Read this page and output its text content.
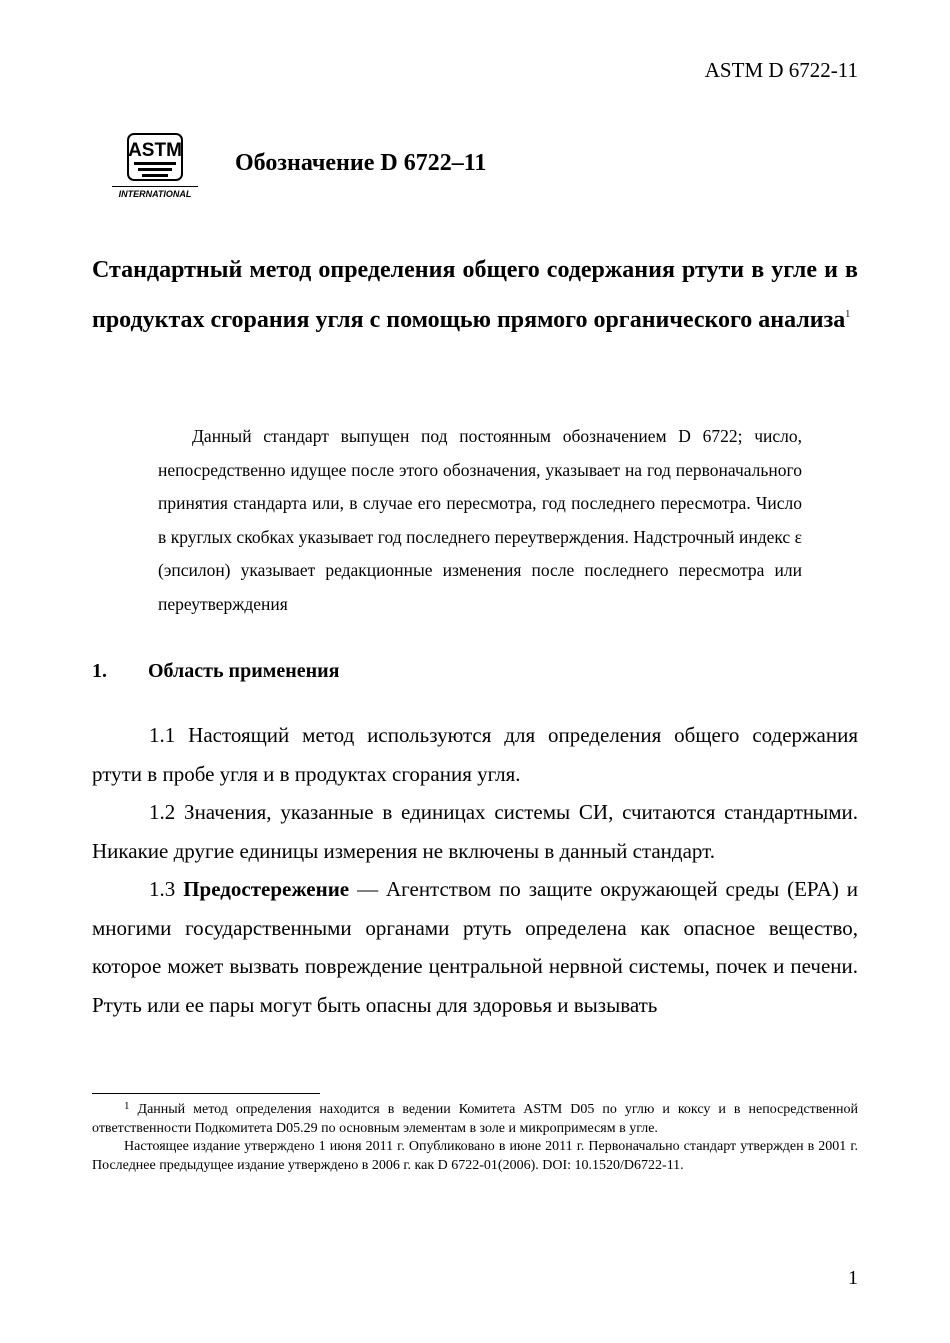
ASTM D 6722-11
ASTM
INTERNATIONAL
Обозначение D 6722–11
Стандартный метод определения общего содержания ртути в угле и в продуктах сгорания угля с помощью прямого органического анализа$^1$
Данный стандарт выпущен под постоянным обозначением D 6722; число, непосредственно идущее после этого обозначения, указывает на год первоначального принятия стандарта или, в случае его пересмотра, год последнего пересмотра. Число в круглых скобках указывает год последнего переутверждения. Надстрочный индекс ε (эпсилон) указывает редакционные изменения после последнего пересмотра или переутверждения
1. Область применения

1.1 Настоящий метод используются для определения общего содержания ртути в пробе угля и в продуктах сгорания угля.

1.2 Значения, указанные в единицах системы СИ, считаются стандартными. Никакие другие единицы измерения не включены в данный стандарт.

1.3 Предостережение — Агентством по защите окружающей среды (EPA) и многими государственными органами ртуть определена как опасное вещество, которое может вызвать повреждение центральной нервной системы, почек и печени. Ртуть или ее пары могут быть опасны для здоровья и вызывать

$^1$ Данный метод определения находится в ведении Комитета ASTM D05 по углю и коксу и в непосредственной ответственности Подкомитета D05.29 по основным элементам в золе и микропримесям в угле.

Настоящее издание утверждено 1 июня 2011 г. Опубликовано в июне 2011 г. Первоначально стандарт утвержден в 2001 г. Последнее предыдущее издание утверждено в 2006 г. как D 6722-01(2006). DOI: 10.1520/D6722-11.

1
